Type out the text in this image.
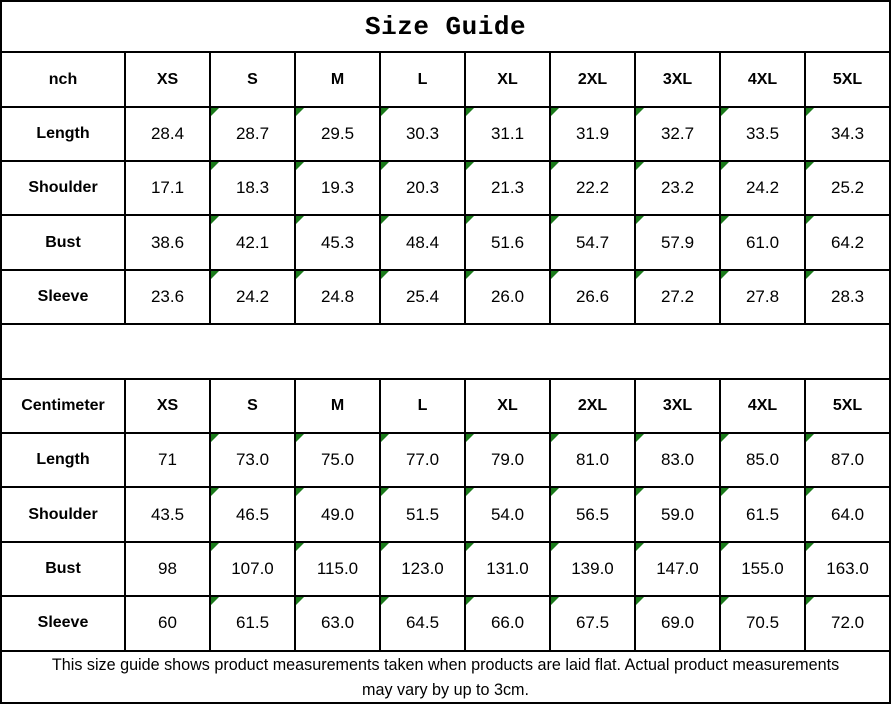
Size Guide									
nch	XS	S	M	L	XL	2XL	3XL	4XL	5XL
Length	28.4	28.7	29.5	30.3	31.1	31.9	32.7	33.5	34.3
Shoulder	17.1	18.3	19.3	20.3	21.3	22.2	23.2	24.2	25.2
Bust	38.6	42.1	45.3	48.4	51.6	54.7	57.9	61.0	64.2
Sleeve	23.6	24.2	24.8	25.4	26.0	26.6	27.2	27.8	28.3

Centimeter	XS	S	M	L	XL	2XL	3XL	4XL	5XL
Length	71	73.0	75.0	77.0	79.0	81.0	83.0	85.0	87.0
Shoulder	43.5	46.5	49.0	51.5	54.0	56.5	59.0	61.5	64.0
Bust	98	107.0	115.0	123.0	131.0	139.0	147.0	155.0	163.0
Sleeve	60	61.5	63.0	64.5	66.0	67.5	69.0	70.5	72.0

This size guide shows product measurements taken when products are laid flat. Actual product measurements
may vary by up to 3cm.									
